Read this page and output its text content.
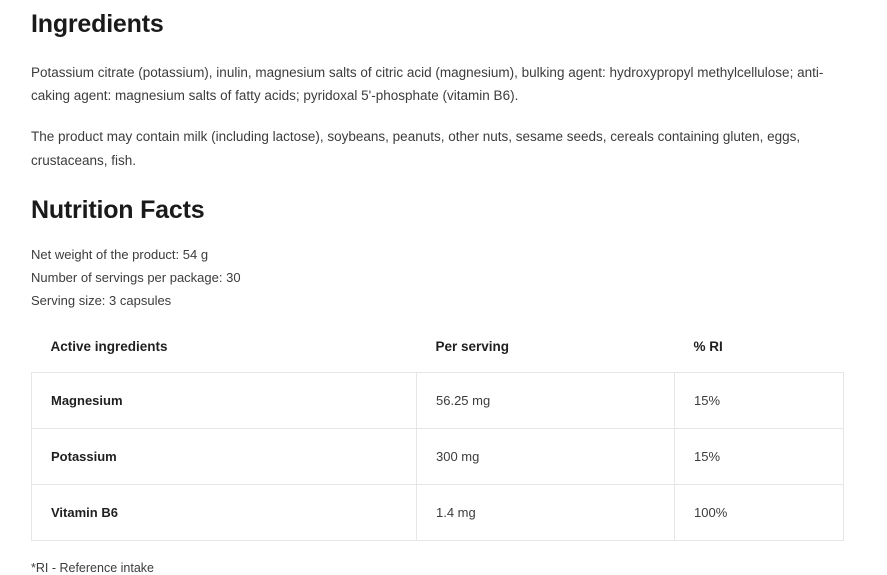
Ingredients

Potassium citrate (potassium), inulin, magnesium salts of citric acid (magnesium), bulking agent: hydroxypropyl methylcellulose; anti-caking agent: magnesium salts of fatty acids; pyridoxal 5'-phosphate (vitamin B6).

The product may contain milk (including lactose), soybeans, peanuts, other nuts, sesame seeds, cereals containing gluten, eggs, crustaceans, fish.

Nutrition Facts
Net weight of the product: 54 g
Number of servings per package: 30
Serving size: 3 capsules
Active ingredients	Per serving	% RI
Magnesium	56.25 mg	15%
Potassium	300 mg	15%
Vitamin B6	1.4 mg	100%
*RI - Reference intake
